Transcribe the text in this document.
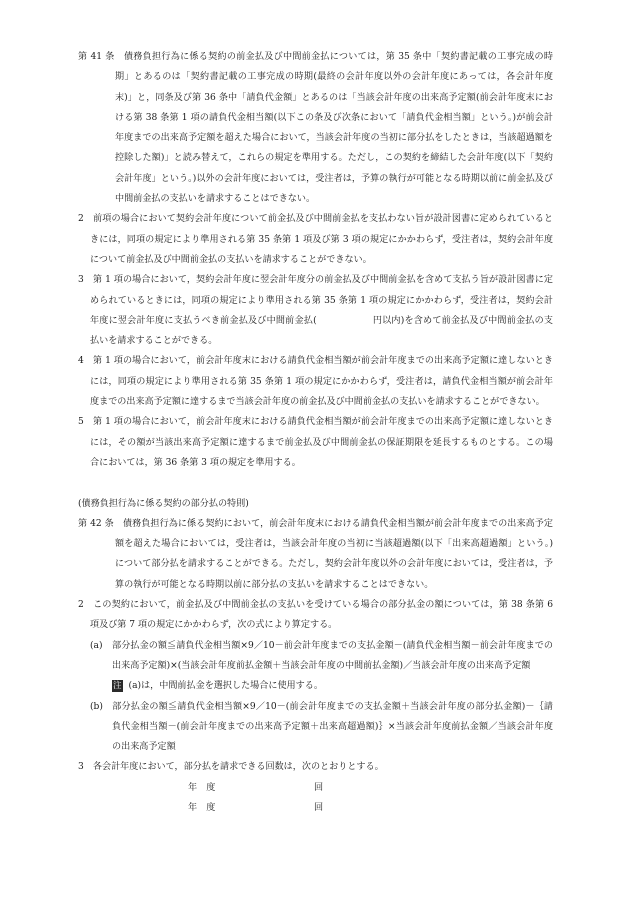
第 41 条　債務負担行為に係る契約の前金払及び中間前金払については，第 35 条中「契約書記載の工事完成の時期」とあるのは「契約書記載の工事完成の時期(最終の会計年度以外の会計年度にあっては，各会計年度末)」と，同条及び第 36 条中「請負代金額」とあるのは「当該会計年度の出来高予定額(前会計年度末における第 38 条第 1 項の請負代金相当額(以下この条及び次条において「請負代金相当額」という。)が前会計年度までの出来高予定額を超えた場合において，当該会計年度の当初に部分払をしたときは，当該超過額を控除した額)」と読み替えて，これらの規定を準用する。ただし，この契約を締結した会計年度(以下「契約会計年度」という。)以外の会計年度においては，受注者は，予算の執行が可能となる時期以前に前金払及び中間前金払の支払いを請求することはできない。
2　前項の場合において契約会計年度について前金払及び中間前金払を支払わない旨が設計図書に定められているときには，同項の規定により準用される第 35 条第 1 項及び第 3 項の規定にかかわらず，受注者は，契約会計年度について前金払及び中間前金払の支払いを請求することができない。
3　第 1 項の場合において，契約会計年度に翌会計年度分の前金払及び中間前金払を含めて支払う旨が設計図書に定められているときには，同項の規定により準用される第 35 条第 1 項の規定にかかわらず，受注者は，契約会計年度に翌会計年度に支払うべき前金払及び中間前金払(	円以内)を含めて前金払及び中間前金払の支払いを請求することができる。
4　第 1 項の場合において，前会計年度末における請負代金相当額が前会計年度までの出来高予定額に達しないときには，同項の規定により準用される第 35 条第 1 項の規定にかかわらず，受注者は，請負代金相当額が前会計年度までの出来高予定額に達するまで当該会計年度の前金払及び中間前金払の支払いを請求することができない。
5　第 1 項の場合において，前会計年度末における請負代金相当額が前会計年度までの出来高予定額に達しないときには，その額が当該出来高予定額に達するまで前金払及び中間前金払の保証期限を延長するものとする。この場合においては，第 36 条第 3 項の規定を準用する。
(債務負担行為に係る契約の部分払の特則)
第 42 条　債務負担行為に係る契約において，前会計年度末における請負代金相当額が前会計年度までの出来高予定額を超えた場合においては，受注者は，当該会計年度の当初に当該超過額(以下「出来高超過額」という。)について部分払を請求することができる。ただし，契約会計年度以外の会計年度においては，受注者は，予算の執行が可能となる時期以前に部分払の支払いを請求することはできない。
2　この契約において，前金払及び中間前金払の支払いを受けている場合の部分払金の額については，第 38 条第 6 項及び第 7 項の規定にかかわらず，次の式により算定する。
(a) 部分払金の額≦請負代金相当額×9／10－前会計年度までの支払金額－(請負代金相当額－前会計年度までの出来高予定額)×(当該会計年度前払金額＋当該会計年度の中間前払金額)／当該会計年度の出来高予定額
注 (a)は，中間前払金を選択した場合に使用する。
(b) 部分払金の額≦請負代金相当額×9／10－(前会計年度までの支払金額＋当該会計年度の部分払金額)－｛請負代金相当額－(前会計年度までの出来高予定額＋出来高超過額)｝×当該会計年度前払金額／当該会計年度の出来高予定額
3　各会計年度において，部分払を請求できる回数は，次のとおりとする。
年　度	回
年　度	回
